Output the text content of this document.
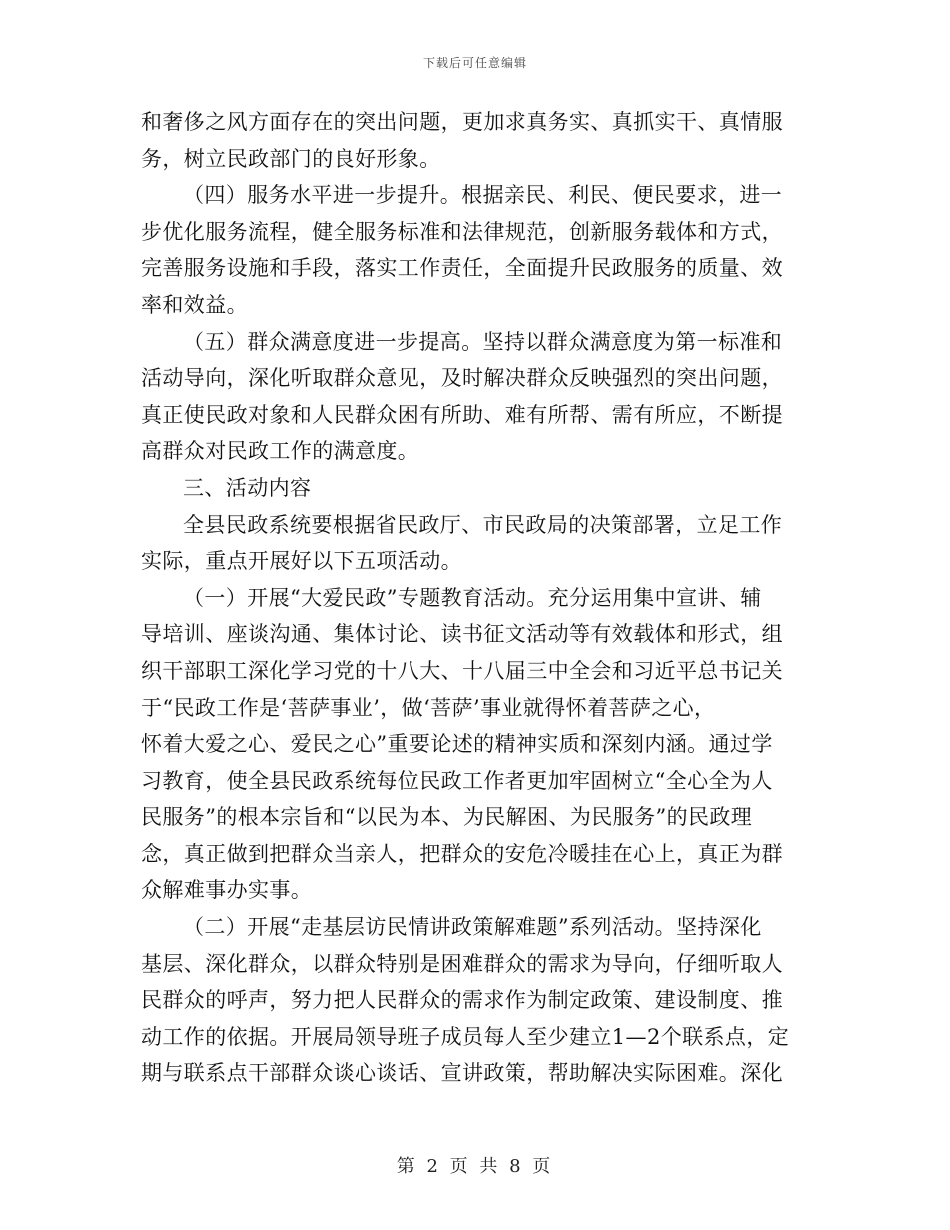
下载后可任意编辑
和奢侈之风方面存在的突出问题，更加求真务实、真抓实干、真情服
务，树立民政部门的良好形象。
（四）服务水平进一步提升。根据亲民、利民、便民要求，进一
步优化服务流程，健全服务标准和法律规范，创新服务载体和方式，
完善服务设施和手段，落实工作责任，全面提升民政服务的质量、效
率和效益。
（五）群众满意度进一步提高。坚持以群众满意度为第一标准和
活动导向，深化听取群众意见，及时解决群众反映强烈的突出问题，
真正使民政对象和人民群众困有所助、难有所帮、需有所应，不断提
高群众对民政工作的满意度。
三、活动内容
全县民政系统要根据省民政厅、市民政局的决策部署，立足工作
实际，重点开展好以下五项活动。
（一）开展“大爱民政”专题教育活动。充分运用集中宣讲、辅
导培训、座谈沟通、集体讨论、读书征文活动等有效载体和形式，组
织干部职工深化学习党的十八大、十八届三中全会和习近平总书记关
于“民政工作是‘菩萨事业’，做‘菩萨’事业就得怀着菩萨之心，
怀着大爱之心、爱民之心”重要论述的精神实质和深刻内涵。通过学
习教育，使全县民政系统每位民政工作者更加牢固树立“全心全为人
民服务”的根本宗旨和“以民为本、为民解困、为民服务”的民政理
念，真正做到把群众当亲人，把群众的安危冷暖挂在心上，真正为群
众解难事办实事。
（二）开展“走基层访民情讲政策解难题”系列活动。坚持深化
基层、深化群众，以群众特别是困难群众的需求为导向，仔细听取人
民群众的呼声，努力把人民群众的需求作为制定政策、建设制度、推
动工作的依据。开展局领导班子成员每人至少建立1—2个联系点，定
期与联系点干部群众谈心谈话、宣讲政策，帮助解决实际困难。深化
第 2 页 共 8 页
